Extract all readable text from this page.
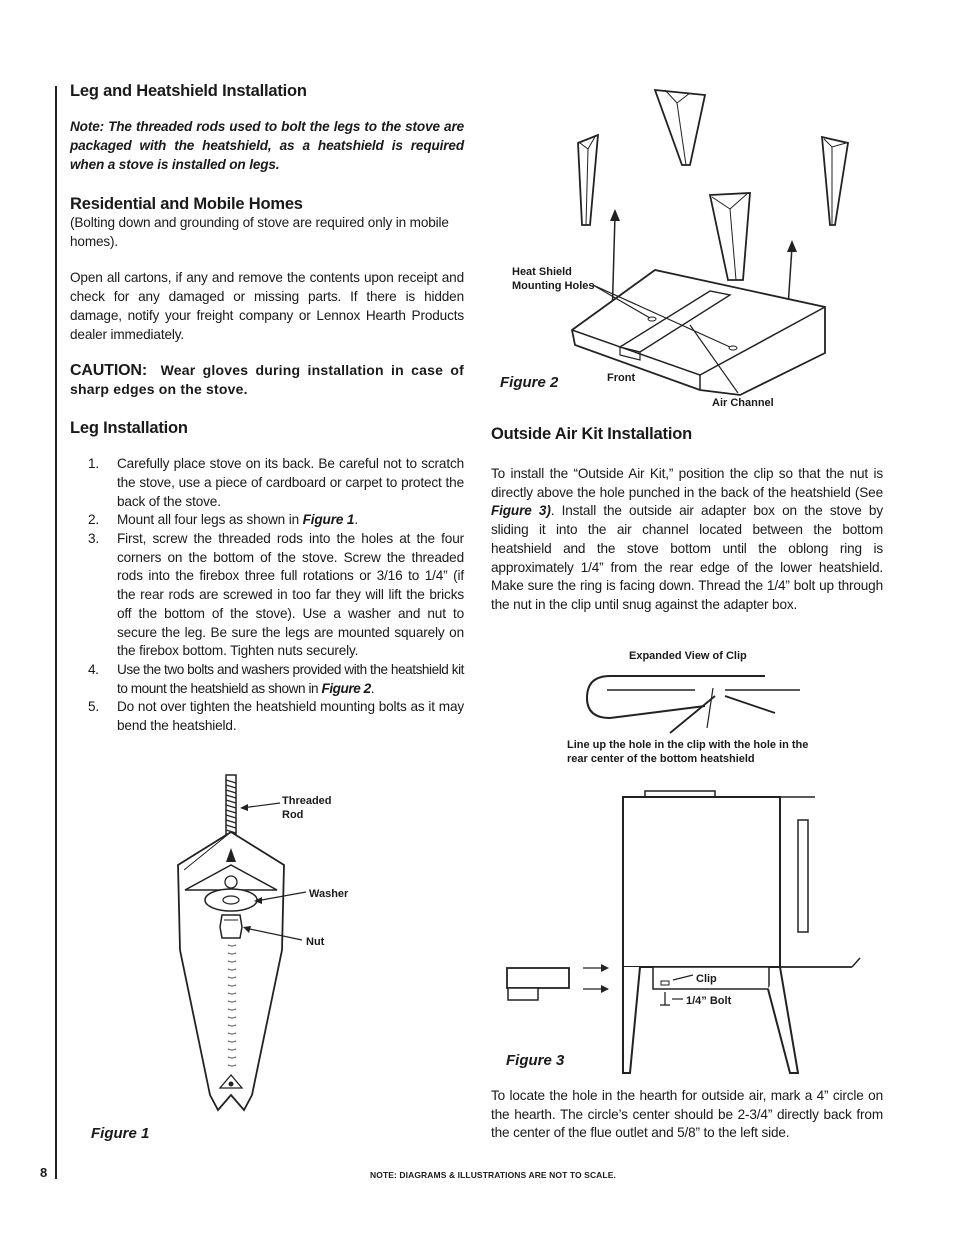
Leg and Heatshield Installation

Note: The threaded rods used to bolt the legs to the stove are packaged with the heatshield, as a heatshield is required when a stove is installed on legs.

Residential and Mobile Homes

(Bolting down and grounding of stove are required only in mobile homes).

Open all cartons, if any and remove the contents upon receipt and check for any damaged or missing parts. If there is hidden damage, notify your freight company or Lennox Hearth Products dealer immediately.

CAUTION: Wear gloves during installation in case of sharp edges on the stove.

Leg Installation
1. Carefully place stove on its back. Be careful not to scratch the stove, use a piece of cardboard or carpet to protect the back of the stove.
2. Mount all four legs as shown in Figure 1.
3. First, screw the threaded rods into the holes at the four corners on the bottom of the stove. Screw the threaded rods into the firebox three full rotations or 3/16 to 1/4” (if the rear rods are screwed in too far they will lift the bricks off the bottom of the stove). Use a washer and nut to secure the leg. Be sure the legs are mounted squarely on the firebox bottom. Tighten nuts securely.
4. Use the two bolts and washers provided with the heatshield kit to mount the heatshield as shown in Figure 2.
5. Do not over tighten the heatshield mounting bolts as it may bend the heatshield.
Threaded
Rod
Washer
Nut
Figure 1
Heat Shield
Mounting Holes
Front
Air Channel
Figure 2
Outside Air Kit Installation

To install the “Outside Air Kit,” position the clip so that the nut is directly above the hole punched in the back of the heatshield (See Figure 3). Install the outside air adapter box on the stove by sliding it into the air channel located between the bottom heatshield and the stove bottom until the oblong ring is approximately 1/4” from the rear edge of the lower heatshield. Make sure the ring is facing down. Thread the 1/4” bolt up through the nut in the clip until snug against the adapter box.

Expanded View of Clip
Line up the hole in the clip with the hole in the
rear center of the bottom heatshield
Clip
1/4” Bolt
Figure 3

To locate the hole in the hearth for outside air, mark a 4” circle on the hearth. The circle’s center should be 2-3/4” directly back from the center of the flue outlet and 5/8” to the left side.

8	NOTE: DIAGRAMS & ILLUSTRATIONS ARE NOT TO SCALE.
